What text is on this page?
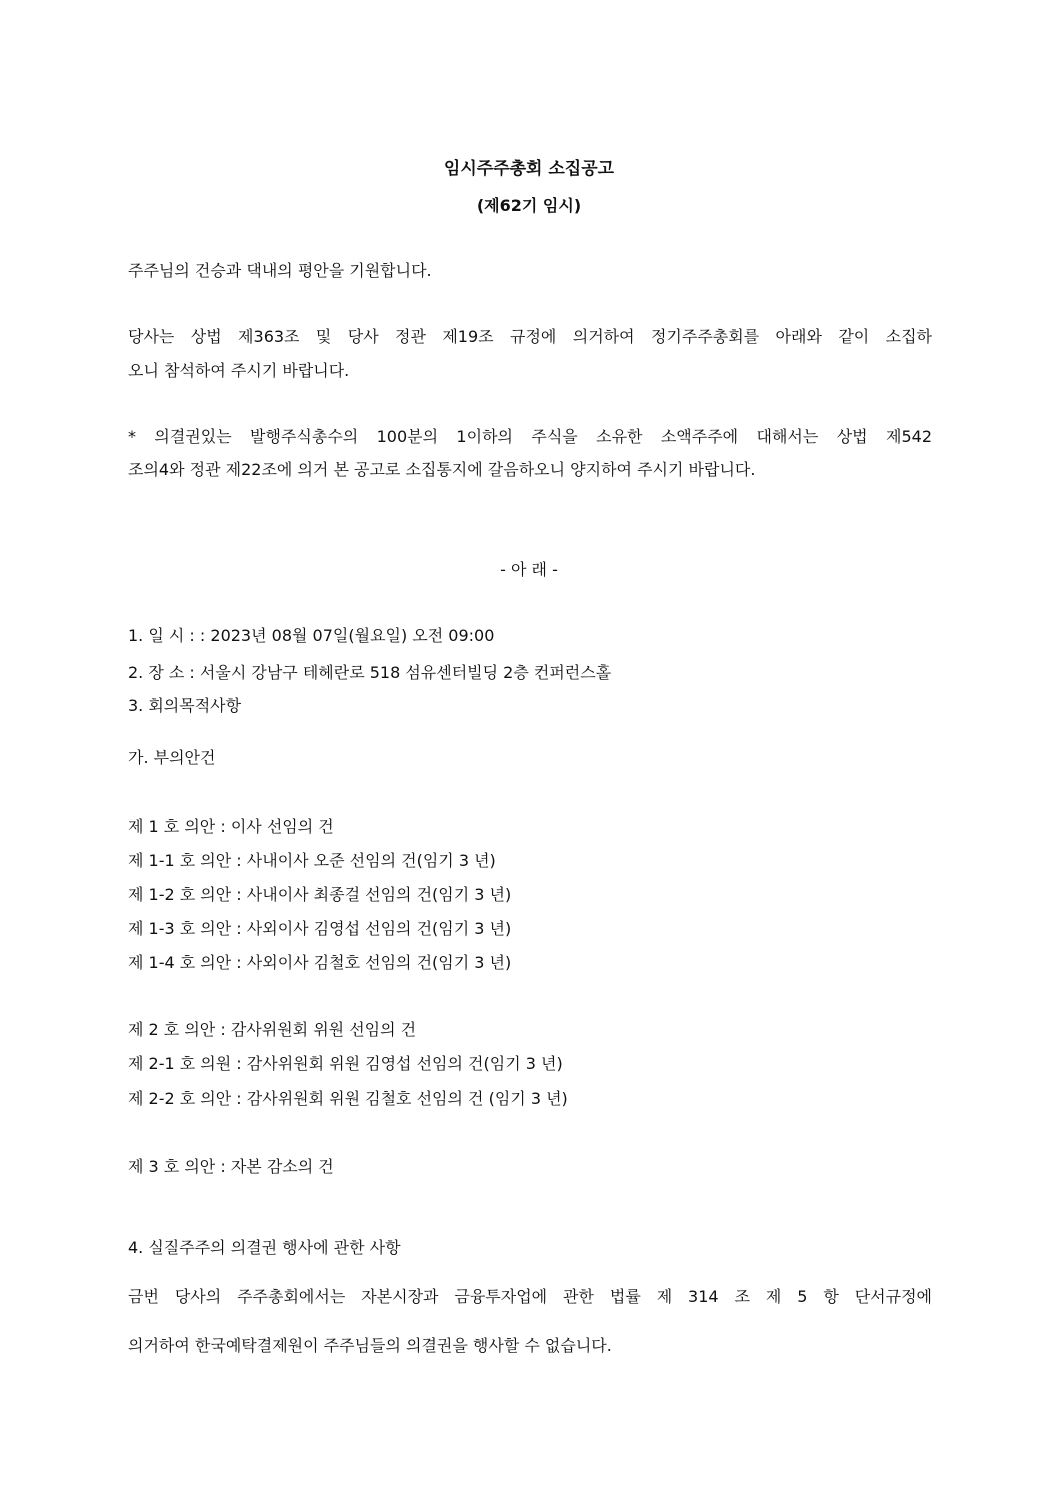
임시주주총회 소집공고
(제62기 임시)
주주님의 건승과 댁내의 평안을 기원합니다.
당사는 상법 제363조 및 당사 정관 제19조 규정에 의거하여 정기주주총회를 아래와 같이 소집하
오니 참석하여 주시기 바랍니다.
* 의결권있는 발행주식총수의 100분의 1이하의 주식을 소유한 소액주주에 대해서는 상법 제542
조의4와 정관 제22조에 의거 본 공고로 소집통지에 갈음하오니 양지하여 주시기 바랍니다.
- 아 래 -
1. 일 시 : : 2023년 08월 07일(월요일) 오전 09:00
2. 장 소 : 서울시 강남구 테헤란로 518 섬유센터빌딩 2층 컨퍼런스홀
3. 회의목적사항
가. 부의안건
제 1 호 의안 : 이사 선임의 건
제 1-1 호 의안 : 사내이사 오준 선임의 건(임기 3 년)
제 1-2 호 의안 : 사내이사 최종걸 선임의 건(임기 3 년)
제 1-3 호 의안 : 사외이사 김영섭 선임의 건(임기 3 년)
제 1-4 호 의안 : 사외이사 김철호 선임의 건(임기 3 년)
제 2 호 의안 : 감사위원회 위원 선임의 건
제 2-1 호 의원 : 감사위원회 위원 김영섭 선임의 건(임기 3 년)
제 2-2 호 의안 : 감사위원회 위원 김철호 선임의 건 (임기 3 년)
제 3 호 의안 : 자본 감소의 건
4. 실질주주의 의결권 행사에 관한 사항
금번 당사의 주주총회에서는 자본시장과 금융투자업에 관한 법률 제 314 조 제 5 항 단서규정에
의거하여 한국예탁결제원이 주주님들의 의결권을 행사할 수 없습니다.
